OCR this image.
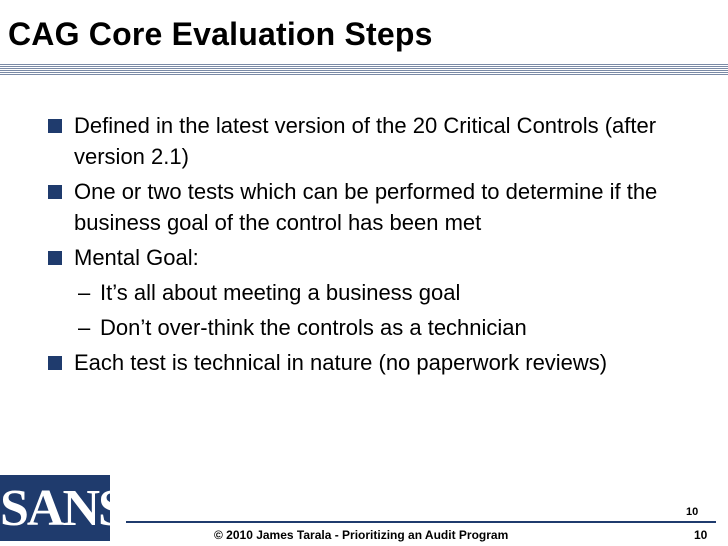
CAG Core Evaluation Steps
Defined in the latest version of the 20 Critical Controls (after version 2.1)
One or two tests which can be performed to determine if the business goal of the control has been met
Mental Goal:
– It’s all about meeting a business goal
– Don’t over-think the controls as a technician
Each test is technical in nature (no paperwork reviews)
SANS	10
© 2010 James Tarala - Prioritizing an Audit Program	10
